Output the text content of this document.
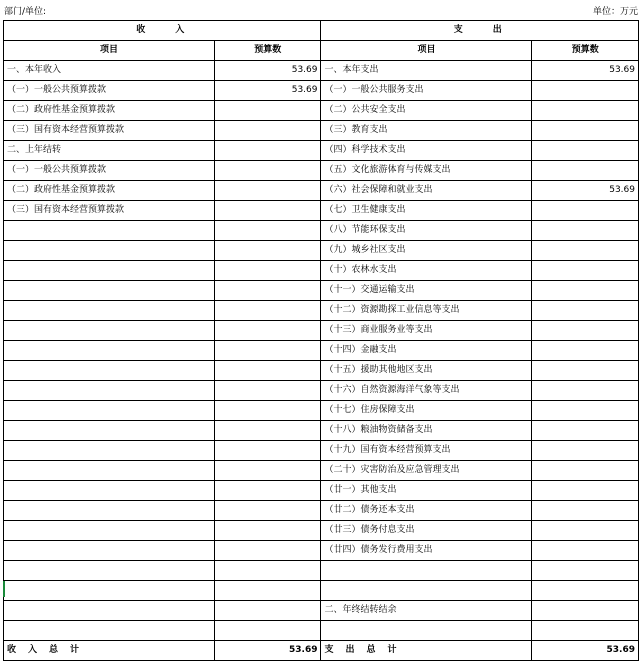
部门/单位:	单位：万元
收　　入		支　　出	
项目	预算数	项目	预算数
一、本年收入	53.69	一、本年支出	53.69
（一）一般公共预算拨款	53.69	（一）一般公共服务支出	
（二）政府性基金预算拨款		（二）公共安全支出	
（三）国有资本经营预算拨款		（三）教育支出	
二、上年结转		（四）科学技术支出	
（一）一般公共预算拨款		（五）文化旅游体育与传媒支出	
（二）政府性基金预算拨款		（六）社会保障和就业支出	53.69
（三）国有资本经营预算拨款		（七）卫生健康支出	
		（八）节能环保支出	
		（九）城乡社区支出	
		（十）农林水支出	
		（十一）交通运输支出	
		（十二）资源勘探工业信息等支出	
		（十三）商业服务业等支出	
		（十四）金融支出	
		（十五）援助其他地区支出	
		（十六）自然资源海洋气象等支出	
		（十七）住房保障支出	
		（十八）粮油物资储备支出	
		（十九）国有资本经营预算支出	
		（二十）灾害防治及应急管理支出	
		（廿一）其他支出	
		（廿二）债务还本支出	
		（廿三）债务付息支出	
		（廿四）债务发行费用支出	

		二、年终结转结余	

收入总计	53.69	支出总计	53.69
